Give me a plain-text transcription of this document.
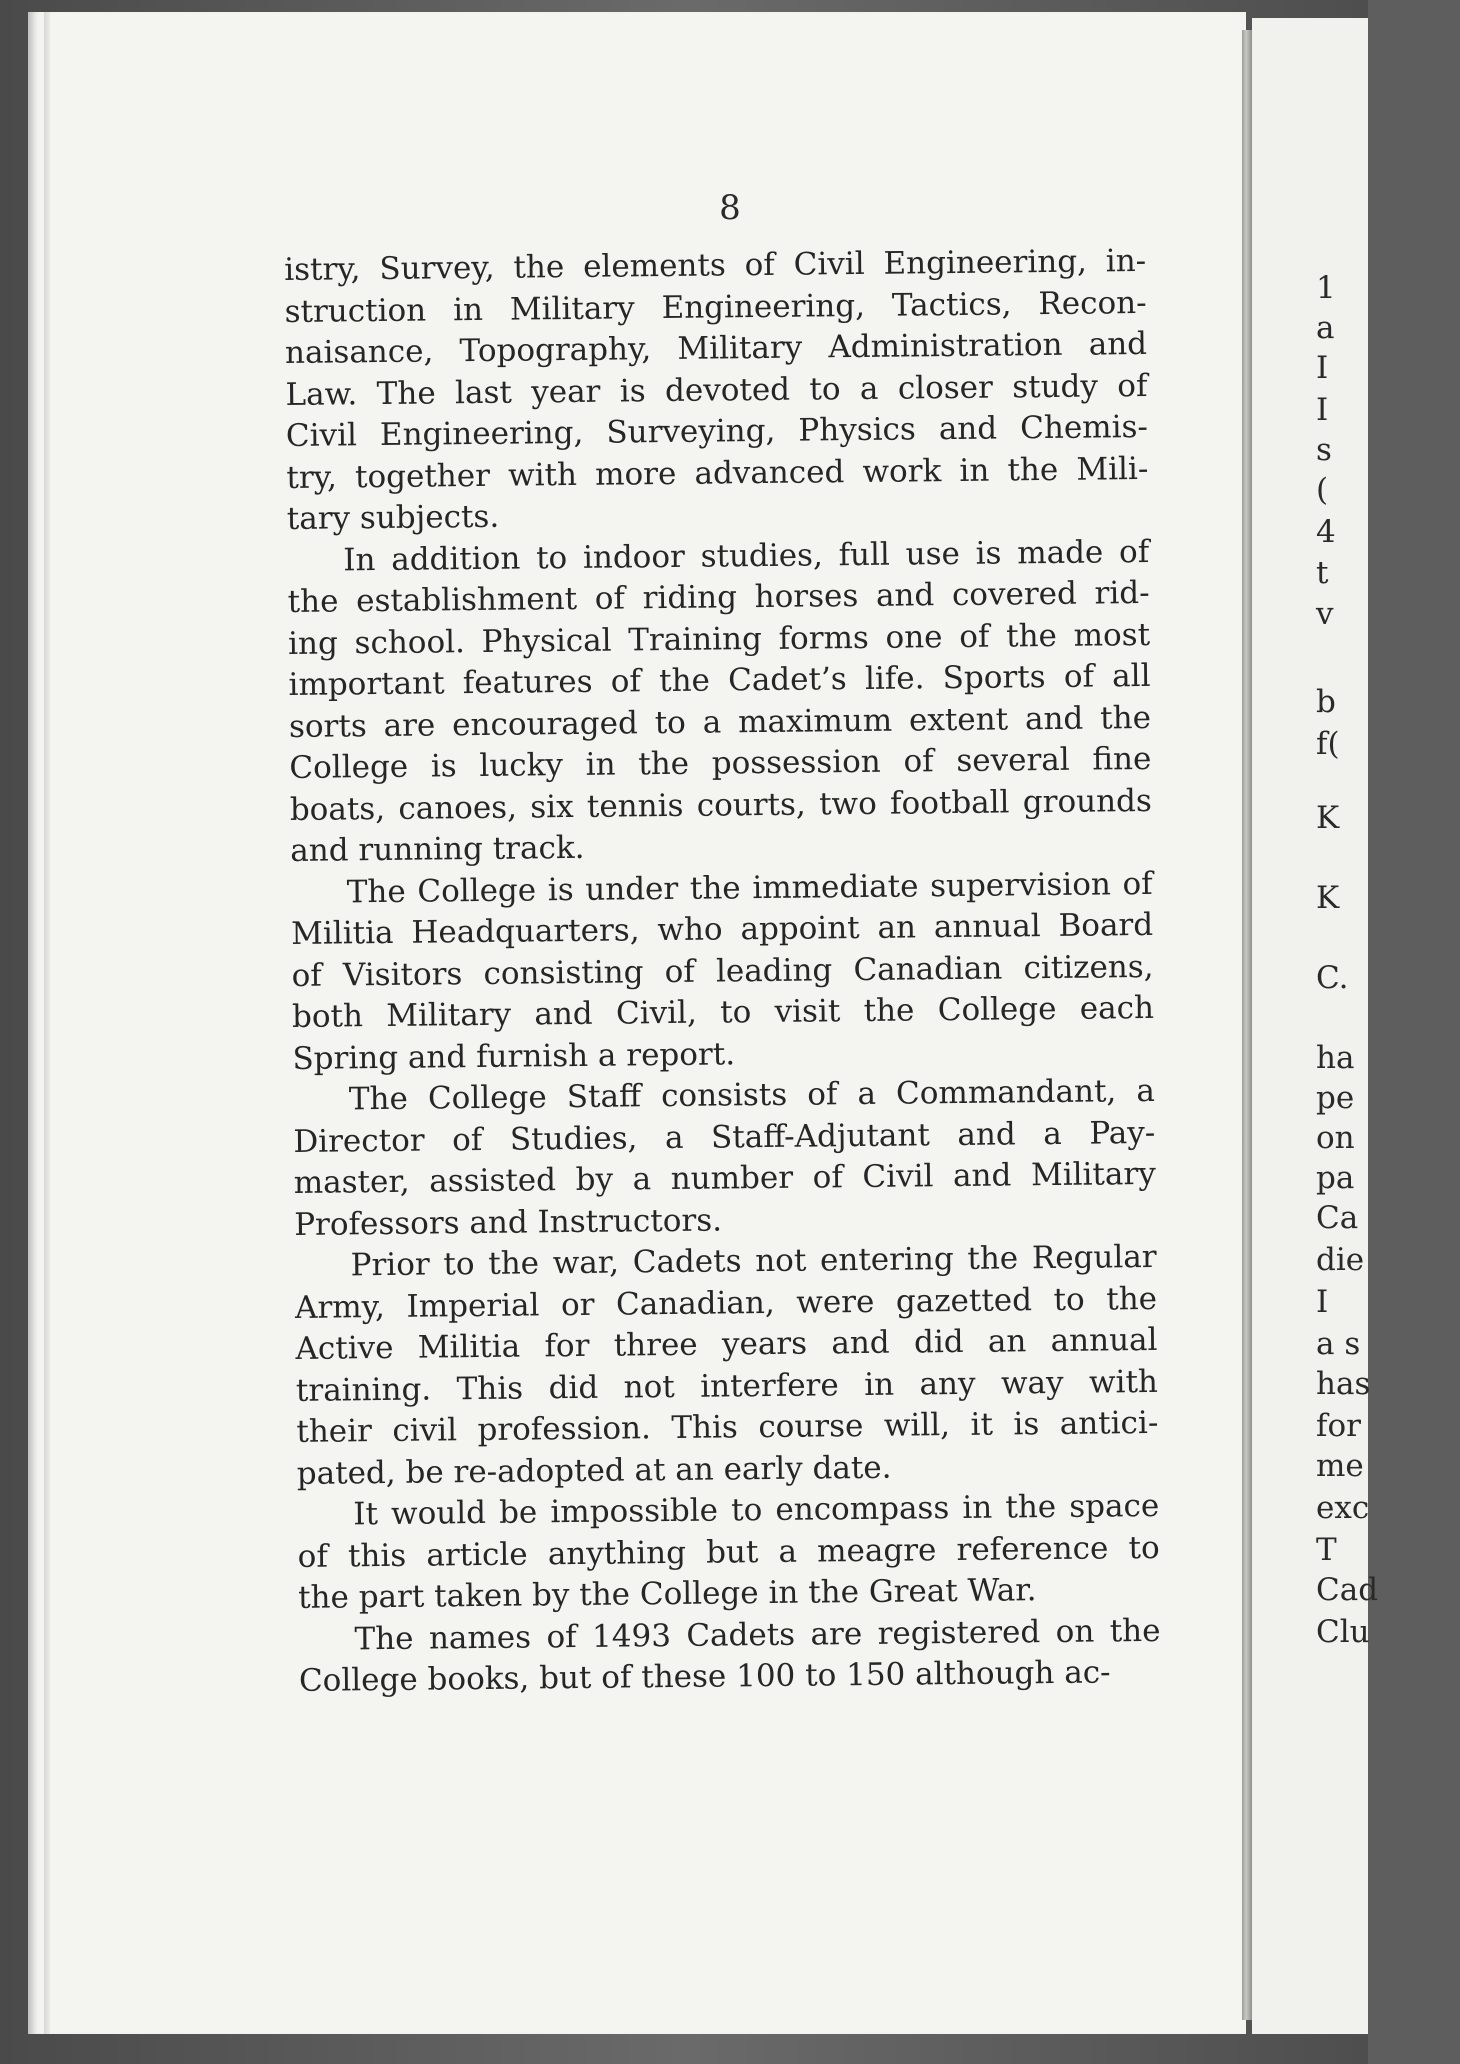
8
istry, Survey, the elements of Civil Engineering, in-
struction in Military Engineering, Tactics, Recon-
naisance, Topography, Military Administration and
Law. The last year is devoted to a closer study of
Civil Engineering, Surveying, Physics and Chemis-
try, together with more advanced work in the Mili-
tary subjects.
In addition to indoor studies, full use is made of
the establishment of riding horses and covered rid-
ing school. Physical Training forms one of the most
important features of the Cadet’s life. Sports of all
sorts are encouraged to a maximum extent and the
College is lucky in the possession of several fine
boats, canoes, six tennis courts, two football grounds
and running track.
The College is under the immediate supervision of
Militia Headquarters, who appoint an annual Board
of Visitors consisting of leading Canadian citizens,
both Military and Civil, to visit the College each
Spring and furnish a report.
The College Staff consists of a Commandant, a
Director of Studies, a Staff-Adjutant and a Pay-
master, assisted by a number of Civil and Military
Professors and Instructors.
Prior to the war, Cadets not entering the Regular
Army, Imperial or Canadian, were gazetted to the
Active Militia for three years and did an annual
training. This did not interfere in any way with
their civil profession. This course will, it is antici-
pated, be re-adopted at an early date.
It would be impossible to encompass in the space
of this article anything but a meagre reference to
the part taken by the College in the Great War.
The names of 1493 Cadets are registered on the
College books, but of these 100 to 150 although ac-
1
a
I
I
s
(
4
t
v
b
f(
K
K
C.
ha
pe
on
pa
Ca
die
I
a s
has
for
me
exc
T
Cad
Clu
